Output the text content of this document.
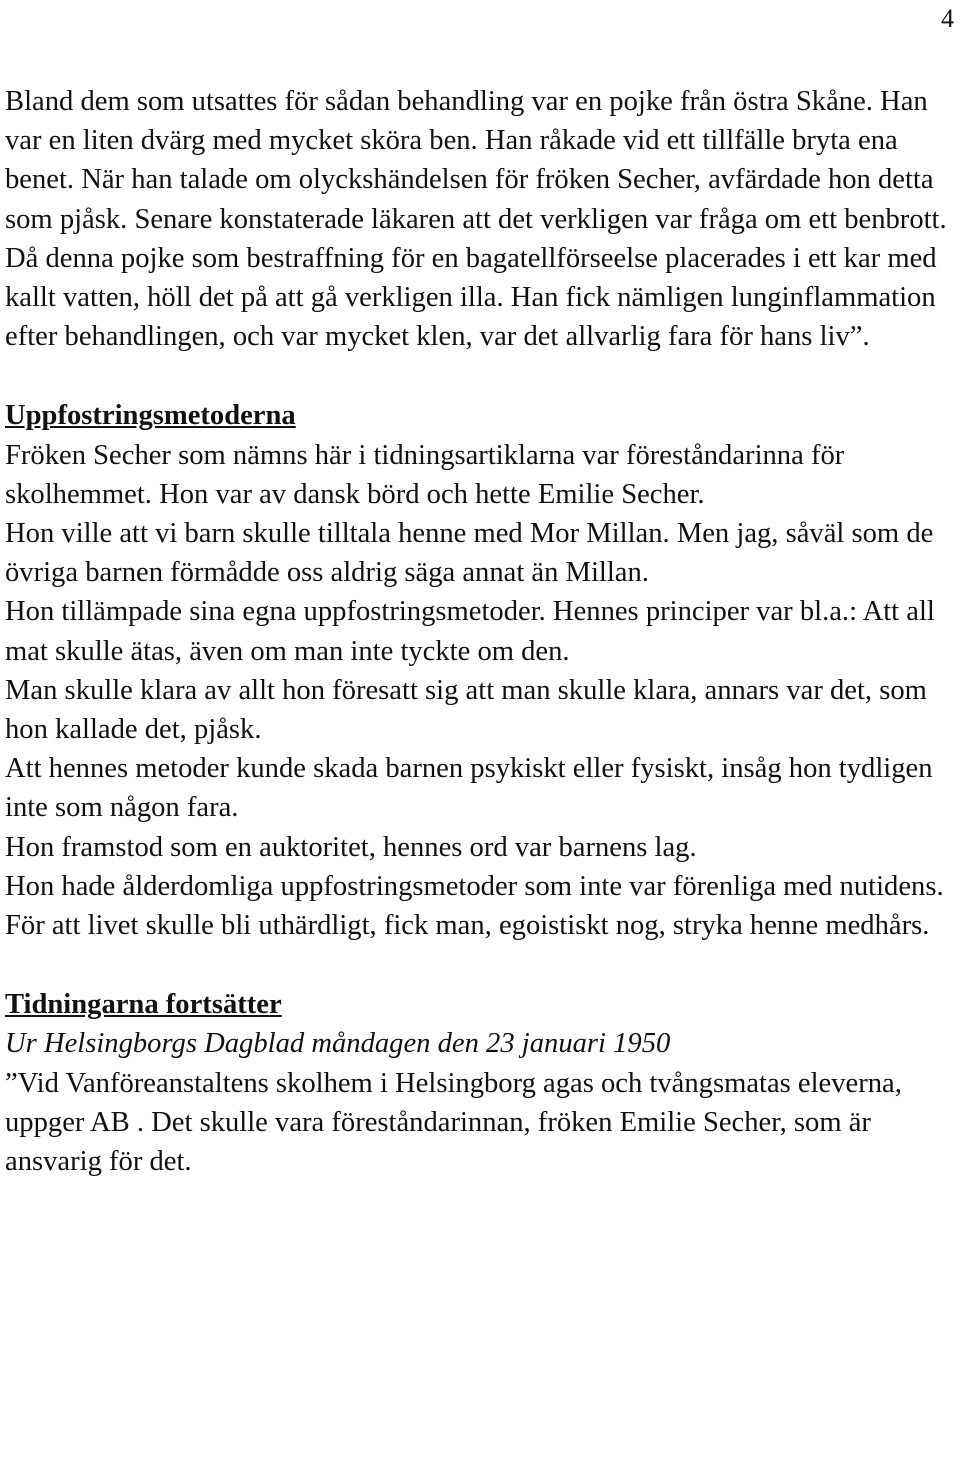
4

Bland dem som utsattes för sådan behandling var en pojke från östra Skåne. Han var en liten dvärg med mycket sköra ben. Han råkade vid ett tillfälle bryta ena benet. När han talade om olyckshändelsen för fröken Secher, avfärdade hon detta som pjåsk. Senare konstaterade läkaren att det verkligen var fråga om ett benbrott. Då denna pojke som bestraffning för en bagatellförseelse placerades i ett kar med kallt vatten, höll det på att gå verkligen illa. Han fick nämligen lunginflammation efter behandlingen, och var mycket klen, var det allvarlig fara för hans liv”.

Uppfostringsmetoderna

Fröken Secher som nämns här i tidningsartiklarna var föreståndarinna för skolhemmet. Hon var av dansk börd och hette Emilie Secher.

Hon ville att vi barn skulle tilltala henne med Mor Millan. Men jag, såväl som de övriga barnen förmådde oss aldrig säga annat än Millan.

Hon tillämpade sina egna uppfostringsmetoder. Hennes principer var bl.a.: Att all mat skulle ätas, även om man inte tyckte om den.

Man skulle klara av allt hon föresatt sig att man skulle klara, annars var det, som hon kallade det, pjåsk.

Att hennes metoder kunde skada barnen psykiskt eller fysiskt, insåg hon tydligen inte som någon fara.

Hon framstod som en auktoritet, hennes ord var barnens lag.

Hon hade ålderdomliga uppfostringsmetoder som inte var förenliga med nutidens.

För att livet skulle bli uthärdligt, fick man, egoistiskt nog, stryka henne medhårs.

Tidningarna fortsätter

Ur Helsingborgs Dagblad måndagen den 23 januari 1950

”Vid Vanföreanstaltens skolhem i Helsingborg agas och tvångsmatas eleverna, uppger AB . Det skulle vara föreståndarinnan, fröken Emilie Secher, som är ansvarig för det.
